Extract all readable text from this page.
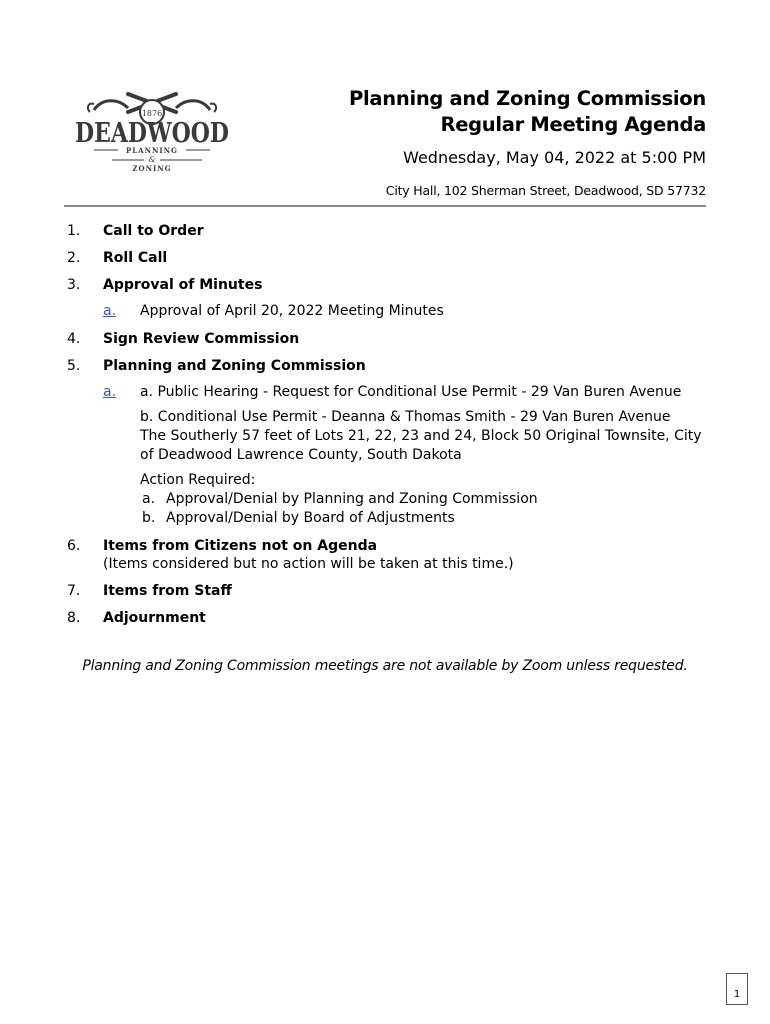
1876
DEADWOOD
PLANNING
&
ZONING
Planning and Zoning Commission Regular Meeting Agenda
Wednesday, May 04, 2022 at 5:00 PM
City Hall, 102 Sherman Street, Deadwood, SD 57732
1. Call to Order
2. Roll Call
3. Approval of Minutes
a. Approval of April 20, 2022 Meeting Minutes

4. Sign Review Commission
5. Planning and Zoning Commission
a. a. Public Hearing - Request for Conditional Use Permit - 29 Van Buren Avenue

b. Conditional Use Permit - Deanna & Thomas Smith - 29 Van Buren Avenue

The Southerly 57 feet of Lots 21, 22, 23 and 24, Block 50 Original Townsite, City of Deadwood Lawrence County, South Dakota

Action Required:

a. Approval/Denial by Planning and Zoning Commission
b. Approval/Denial by Board of Adjustments
6. Items from Citizens not on Agenda
(Items considered but no action will be taken at this time.)
7. Items from Staff
8. Adjournment
Planning and Zoning Commission meetings are not available by Zoom unless requested.
1
